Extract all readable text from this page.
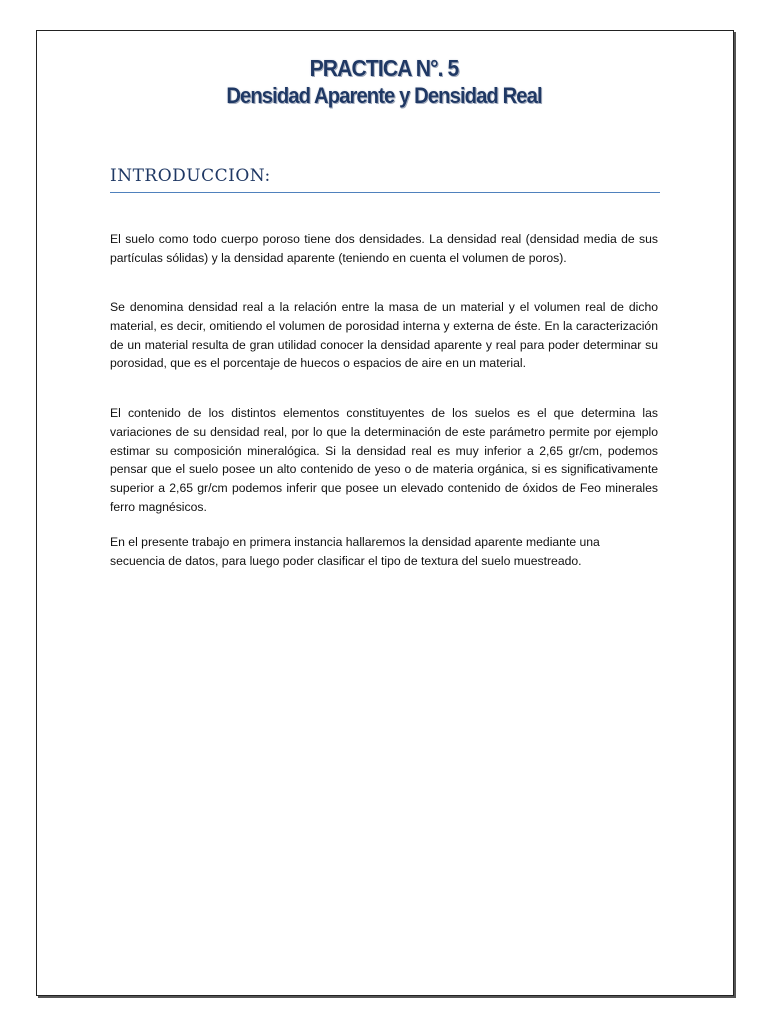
PRACTICA N°. 5
Densidad Aparente y Densidad Real
INTRODUCCION:

El suelo como todo cuerpo poroso tiene dos densidades. La densidad real (densidad media de sus partículas sólidas) y la densidad aparente (teniendo en cuenta el volumen de poros).

Se denomina densidad real a la relación entre la masa de un material y el volumen real de dicho material, es decir, omitiendo el volumen de porosidad interna y externa de éste. En la caracterización de un material resulta de gran utilidad conocer la densidad aparente y real para poder determinar su porosidad, que es el porcentaje de huecos o espacios de aire en un material.

El contenido de los distintos elementos constituyentes de los suelos es el que determina las variaciones de su densidad real, por lo que la determinación de este parámetro permite por ejemplo estimar su composición mineralógica. Si la densidad real es muy inferior a 2,65 gr/cm, podemos pensar que el suelo posee un alto contenido de yeso o de materia orgánica, si es significativamente superior a 2,65 gr/cm podemos inferir que posee un elevado contenido de óxidos de Feo minerales ferro magnésicos.

En el presente trabajo en primera instancia hallaremos la densidad aparente mediante una secuencia de datos, para luego poder clasificar el tipo de textura del suelo muestreado.
